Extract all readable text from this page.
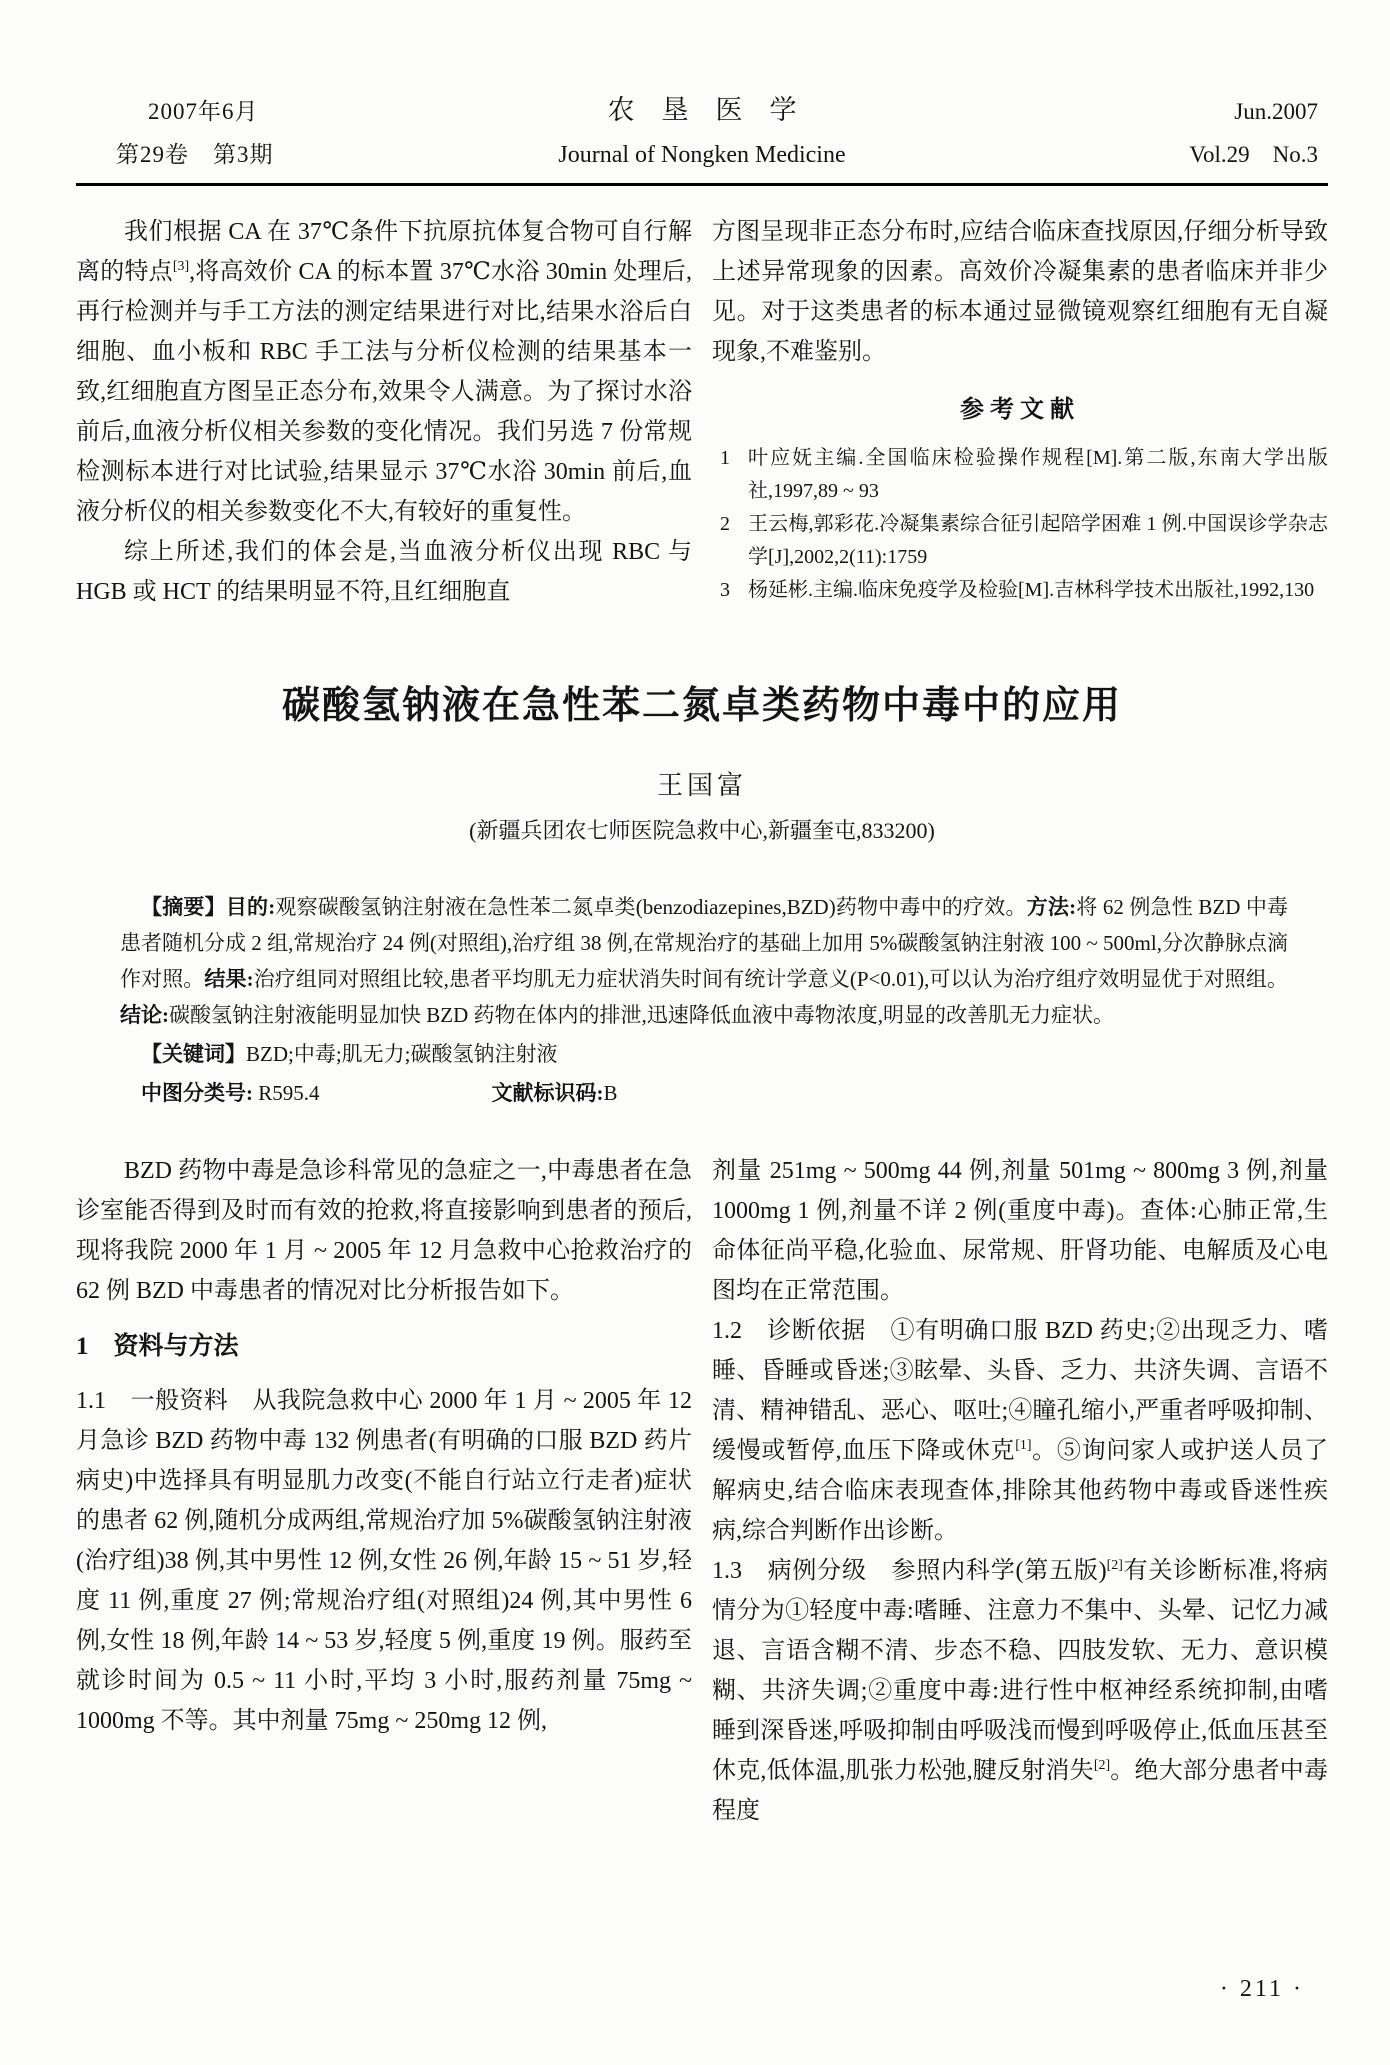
2007年6月	农　垦　医　学	Jun.2007
第29卷　第3期	Journal of Nongken Medicine	Vol.29　No.3

我们根据 CA 在 37℃条件下抗原抗体复合物可自行解离的特点[3],将高效价 CA 的标本置 37℃水浴 30min 处理后,再行检测并与手工方法的测定结果进行对比,结果水浴后白细胞、血小板和 RBC 手工法与分析仪检测的结果基本一致,红细胞直方图呈正态分布,效果令人满意。为了探讨水浴前后,血液分析仪相关参数的变化情况。我们另选 7 份常规检测标本进行对比试验,结果显示 37℃水浴 30min 前后,血液分析仪的相关参数变化不大,有较好的重复性。

综上所述,我们的体会是,当血液分析仪出现 RBC 与 HGB 或 HCT 的结果明显不符,且红细胞直

方图呈现非正态分布时,应结合临床查找原因,仔细分析导致上述异常现象的因素。高效价冷凝集素的患者临床并非少见。对于这类患者的标本通过显微镜观察红细胞有无自凝现象,不难鉴别。

参考文献
1 叶应妩主编.全国临床检验操作规程[M].第二版,东南大学出版社,1997,89 ~ 93
2 王云梅,郭彩花.冷凝集素综合征引起陪学困难 1 例.中国误诊学杂志学[J],2002,2(11):1759
3 杨延彬.主编.临床免疫学及检验[M].吉林科学技术出版社,1992,130
碳酸氢钠液在急性苯二氮卓类药物中毒中的应用
王国富
(新疆兵团农七师医院急救中心,新疆奎屯,833200)

【摘要】目的:观察碳酸氢钠注射液在急性苯二氮卓类(benzodiazepines,BZD)药物中毒中的疗效。方法:将 62 例急性 BZD 中毒患者随机分成 2 组,常规治疗 24 例(对照组),治疗组 38 例,在常规治疗的基础上加用 5%碳酸氢钠注射液 100 ~ 500ml,分次静脉点滴作对照。结果:治疗组同对照组比较,患者平均肌无力症状消失时间有统计学意义(P<0.01),可以认为治疗组疗效明显优于对照组。结论:碳酸氢钠注射液能明显加快 BZD 药物在体内的排泄,迅速降低血液中毒物浓度,明显的改善肌无力症状。

【关键词】BZD;中毒;肌无力;碳酸氢钠注射液

中图分类号: R595.4	文献标识码:B

BZD 药物中毒是急诊科常见的急症之一,中毒患者在急诊室能否得到及时而有效的抢救,将直接影响到患者的预后,现将我院 2000 年 1 月 ~ 2005 年 12 月急救中心抢救治疗的 62 例 BZD 中毒患者的情况对比分析报告如下。

1　资料与方法

1.1　一般资料　从我院急救中心 2000 年 1 月 ~ 2005 年 12 月急诊 BZD 药物中毒 132 例患者(有明确的口服 BZD 药片病史)中选择具有明显肌力改变(不能自行站立行走者)症状的患者 62 例,随机分成两组,常规治疗加 5%碳酸氢钠注射液(治疗组)38 例,其中男性 12 例,女性 26 例,年龄 15 ~ 51 岁,轻度 11 例,重度 27 例;常规治疗组(对照组)24 例,其中男性 6 例,女性 18 例,年龄 14 ~ 53 岁,轻度 5 例,重度 19 例。服药至就诊时间为 0.5 ~ 11 小时,平均 3 小时,服药剂量 75mg ~ 1000mg 不等。其中剂量 75mg ~ 250mg 12 例,

剂量 251mg ~ 500mg 44 例,剂量 501mg ~ 800mg 3 例,剂量 1000mg 1 例,剂量不详 2 例(重度中毒)。查体:心肺正常,生命体征尚平稳,化验血、尿常规、肝肾功能、电解质及心电图均在正常范围。

1.2　诊断依据　①有明确口服 BZD 药史;②出现乏力、嗜睡、昏睡或昏迷;③眩晕、头昏、乏力、共济失调、言语不清、精神错乱、恶心、呕吐;④瞳孔缩小,严重者呼吸抑制、缓慢或暂停,血压下降或休克[1]。⑤询问家人或护送人员了解病史,结合临床表现查体,排除其他药物中毒或昏迷性疾病,综合判断作出诊断。

1.3　病例分级　参照内科学(第五版)[2]有关诊断标准,将病情分为①轻度中毒:嗜睡、注意力不集中、头晕、记忆力减退、言语含糊不清、步态不稳、四肢发软、无力、意识模糊、共济失调;②重度中毒:进行性中枢神经系统抑制,由嗜睡到深昏迷,呼吸抑制由呼吸浅而慢到呼吸停止,低血压甚至休克,低体温,肌张力松弛,腱反射消失[2]。绝大部分患者中毒程度

· 211 ·
